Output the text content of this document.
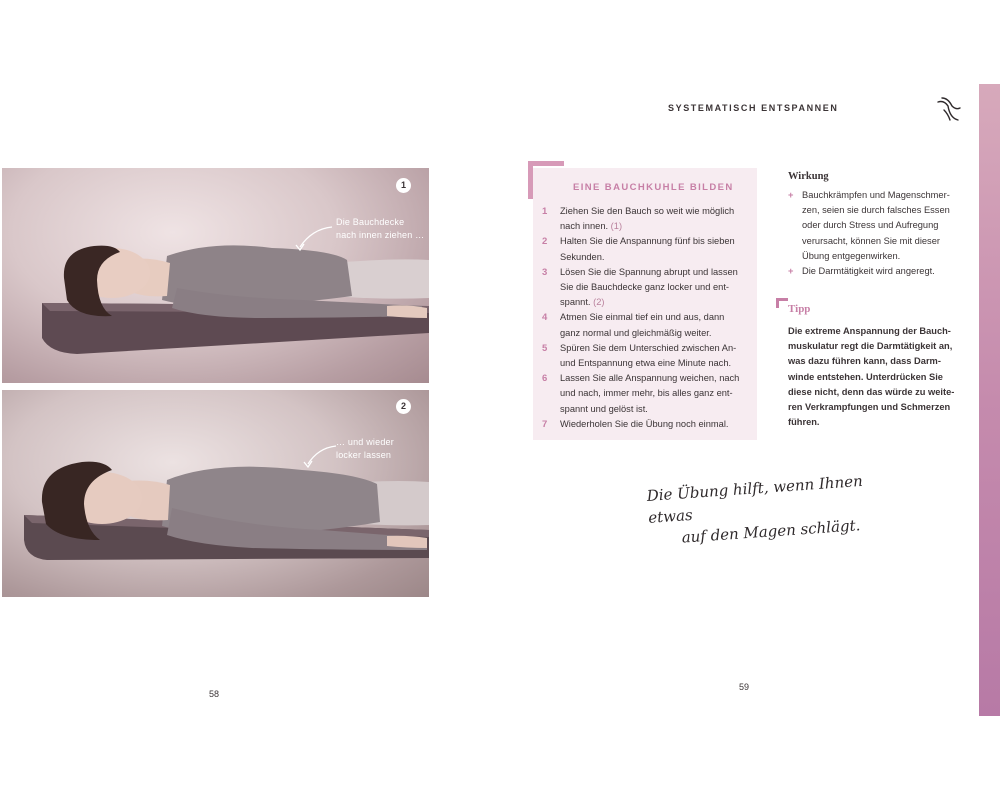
1
Die Bauchdecke
nach innen ziehen …
2
… und wieder
locker lassen
58
SYSTEMATISCH ENTSPANNEN
EINE BAUCHKUHLE BILDEN
1 Ziehen Sie den Bauch so weit wie möglich
nach innen. (1)
2 Halten Sie die Anspannung fünf bis sieben
Sekunden.
3 Lösen Sie die Spannung abrupt und lassen
Sie die Bauchdecke ganz locker und ent-
spannt. (2)
4 Atmen Sie einmal tief ein und aus, dann
ganz normal und gleichmäßig weiter.
5 Spüren Sie dem Unterschied zwischen An-
und Entspannung etwa eine Minute nach.
6 Lassen Sie alle Anspannung weichen, nach
und nach, immer mehr, bis alles ganz ent-
spannt und gelöst ist.
7 Wiederholen Sie die Übung noch einmal.
Wirkung
+ Bauchkrämpfen und Magenschmer-
zen, seien sie durch falsches Essen
oder durch Stress und Aufregung
verursacht, können Sie mit dieser
Übung entgegenwirken.
+ Die Darmtätigkeit wird angeregt.
Tipp
Die extreme Anspannung der Bauch-
muskulatur regt die Darmtätigkeit an,
was dazu führen kann, dass Darm-
winde entstehen. Unterdrücken Sie
diese nicht, denn das würde zu weite-
ren Verkrampfungen und Schmerzen
führen.
Die Übung hilft, wenn Ihnen etwas
auf den Magen schlägt.
59
